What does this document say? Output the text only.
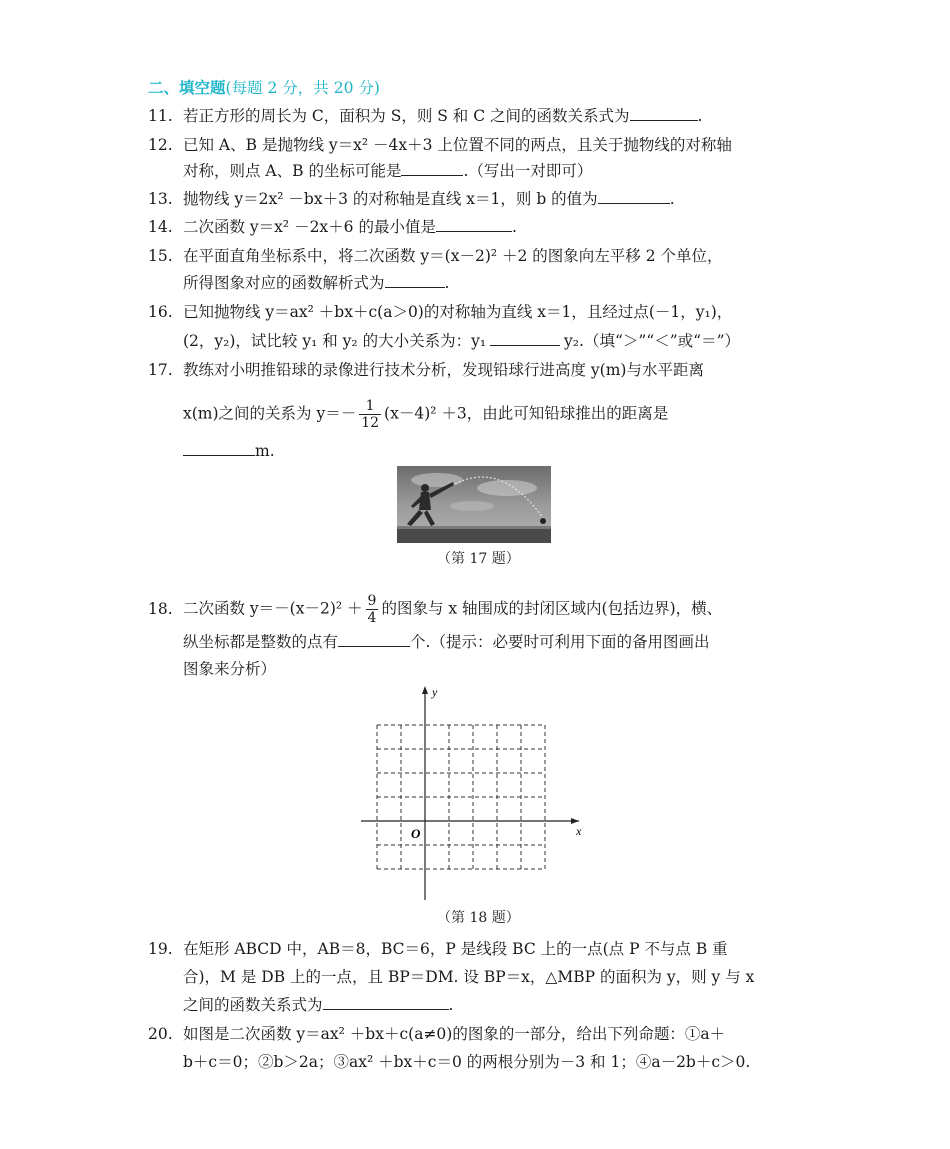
二、填空题(每题 2 分，共 20 分)
11. 若正方形的周长为 C，面积为 S，则 S 和 C 之间的函数关系式为	.
12. 已知 A、B 是抛物线 y＝x² －4x＋3 上位置不同的两点，且关于抛物线的对称轴
对称，则点 A、B 的坐标可能是	.（写出一对即可）
13. 抛物线 y＝2x² －bx＋3 的对称轴是直线 x＝1，则 b 的值为	.
14. 二次函数 y＝x² －2x＋6 的最小值是	.
15. 在平面直角坐标系中，将二次函数 y＝(x－2)² ＋2 的图象向左平移 2 个单位，
所得图象对应的函数解析式为	.
16. 已知抛物线 y＝ax² ＋bx＋c(a＞0)的对称轴为直线 x＝1，且经过点(－1，y₁)，
(2，y₂)，试比较 y₁ 和 y₂ 的大小关系为：y₁	y₂.（填“＞”“＜”或“＝”）
17. 教练对小明推铅球的录像进行技术分析，发现铅球行进高度 y(m)与水平距离
x(m)之间的关系为 $y=- \frac{1}{12} (x-4)^2 +3$，由此可知铅球推出的距离是
m.
（第 17 题）
18. 二次函数 $y=-(x-2)^2 + \frac{9}{4}$ 的图象与 x 轴围成的封闭区域内(包括边界)，横、
纵坐标都是整数的点有	个.（提示：必要时可利用下面的备用图画出
图象来分析）
y
x
O
（第 18 题）
19. 在矩形 ABCD 中，AB＝8，BC＝6，P 是线段 BC 上的一点(点 P 不与点 B 重
合)，M 是 DB 上的一点，且 BP＝DM. 设 BP＝x，△MBP 的面积为 y，则 y 与 x
之间的函数关系式为	.
20. 如图是二次函数 y＝ax² ＋bx＋c(a≠0)的图象的一部分，给出下列命题：①a＋
b＋c＝0；②b＞2a；③ax² ＋bx＋c＝0 的两根分别为－3 和 1；④a－2b＋c＞0.
